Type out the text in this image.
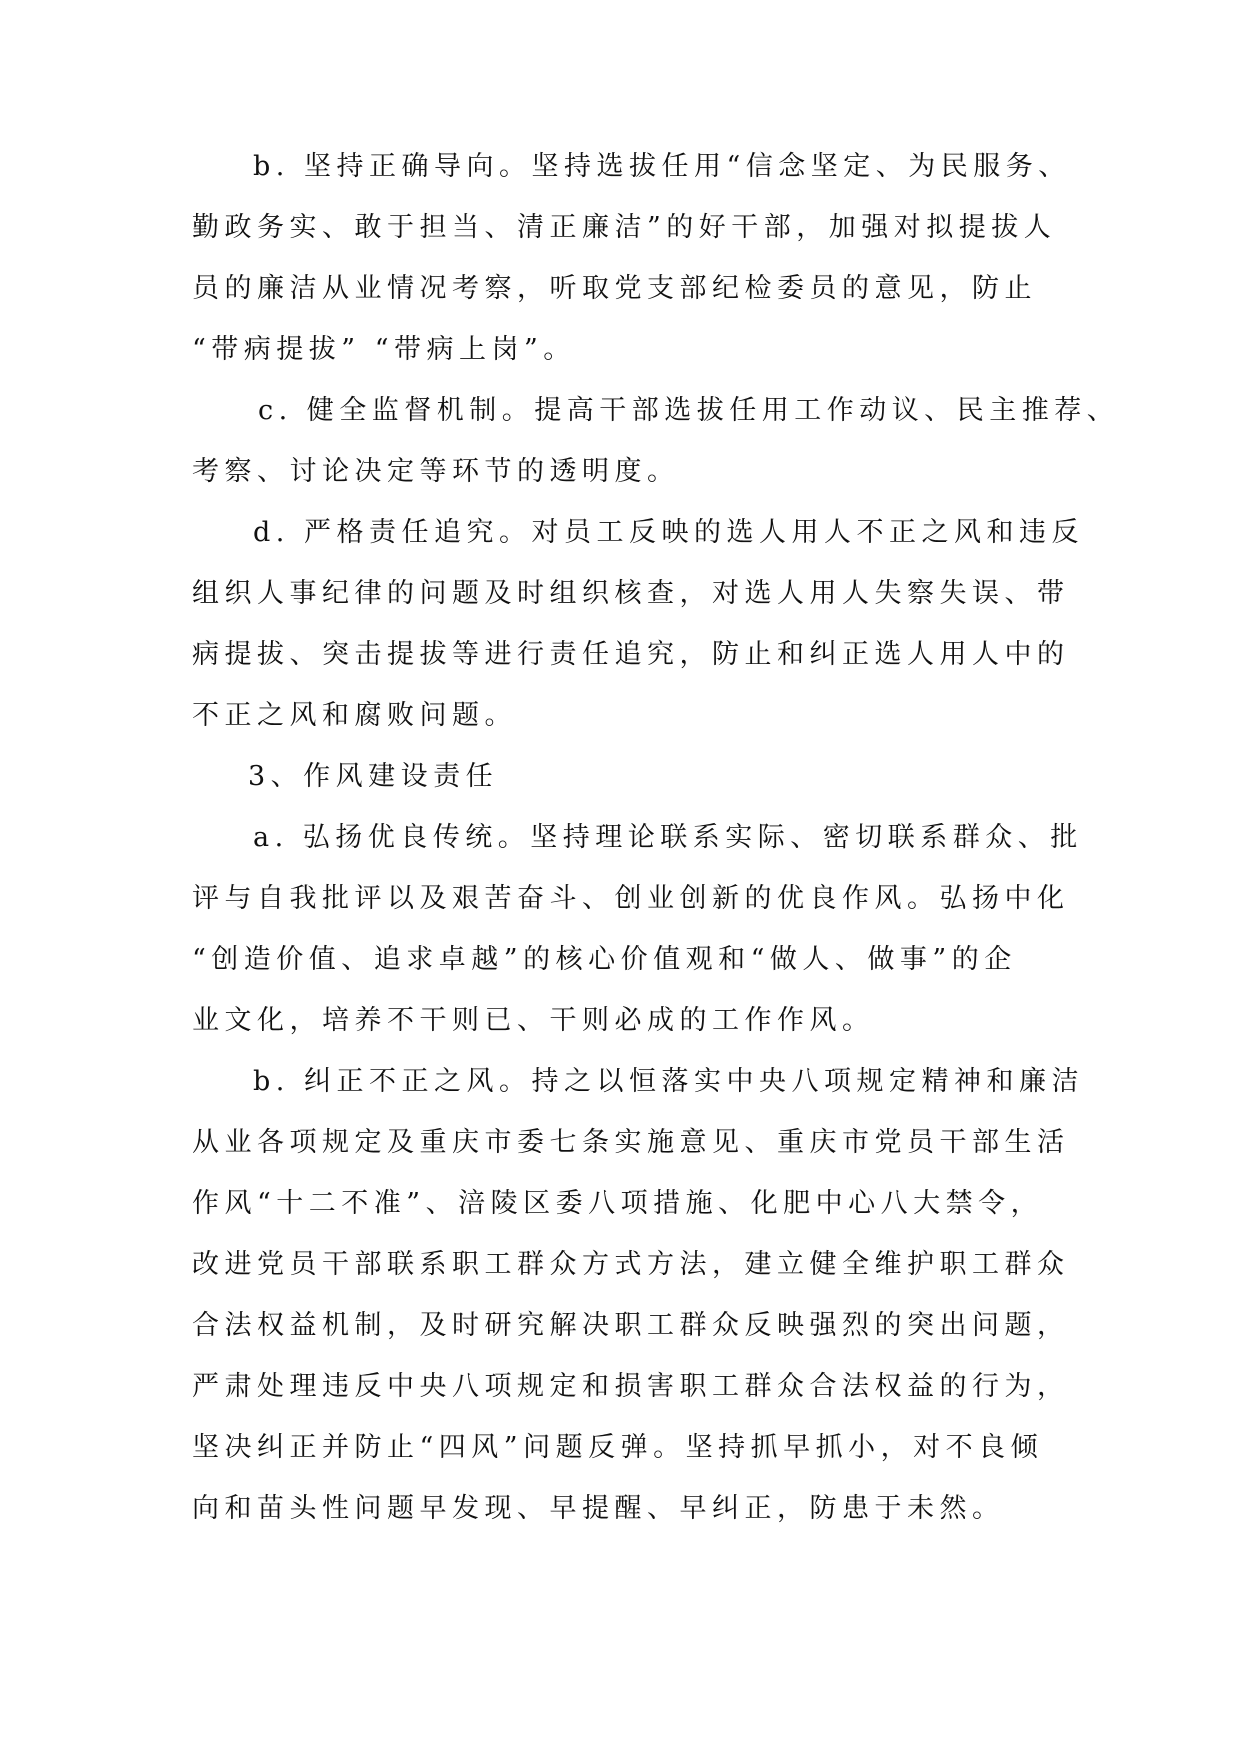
b. 坚持正确导向。坚持选拔任用“信念坚定、为民服务、
勤政务实、敢于担当、清正廉洁”的好干部，加强对拟提拔人
员的廉洁从业情况考察，听取党支部纪检委员的意见，防止
“带病提拔” “带病上岗”。
c. 健全监督机制。提高干部选拔任用工作动议、民主推荐、
考察、讨论决定等环节的透明度。
d. 严格责任追究。对员工反映的选人用人不正之风和违反
组织人事纪律的问题及时组织核查，对选人用人失察失误、带
病提拔、突击提拔等进行责任追究，防止和纠正选人用人中的
不正之风和腐败问题。
3、作风建设责任
a. 弘扬优良传统。坚持理论联系实际、密切联系群众、批
评与自我批评以及艰苦奋斗、创业创新的优良作风。弘扬中化
“创造价值、追求卓越”的核心价值观和“做人、做事”的企
业文化，培养不干则已、干则必成的工作作风。
b. 纠正不正之风。持之以恒落实中央八项规定精神和廉洁
从业各项规定及重庆市委七条实施意见、重庆市党员干部生活
作风“十二不准”、涪陵区委八项措施、化肥中心八大禁令，
改进党员干部联系职工群众方式方法，建立健全维护职工群众
合法权益机制，及时研究解决职工群众反映强烈的突出问题，
严肃处理违反中央八项规定和损害职工群众合法权益的行为，
坚决纠正并防止“四风”问题反弹。坚持抓早抓小，对不良倾
向和苗头性问题早发现、早提醒、早纠正，防患于未然。
